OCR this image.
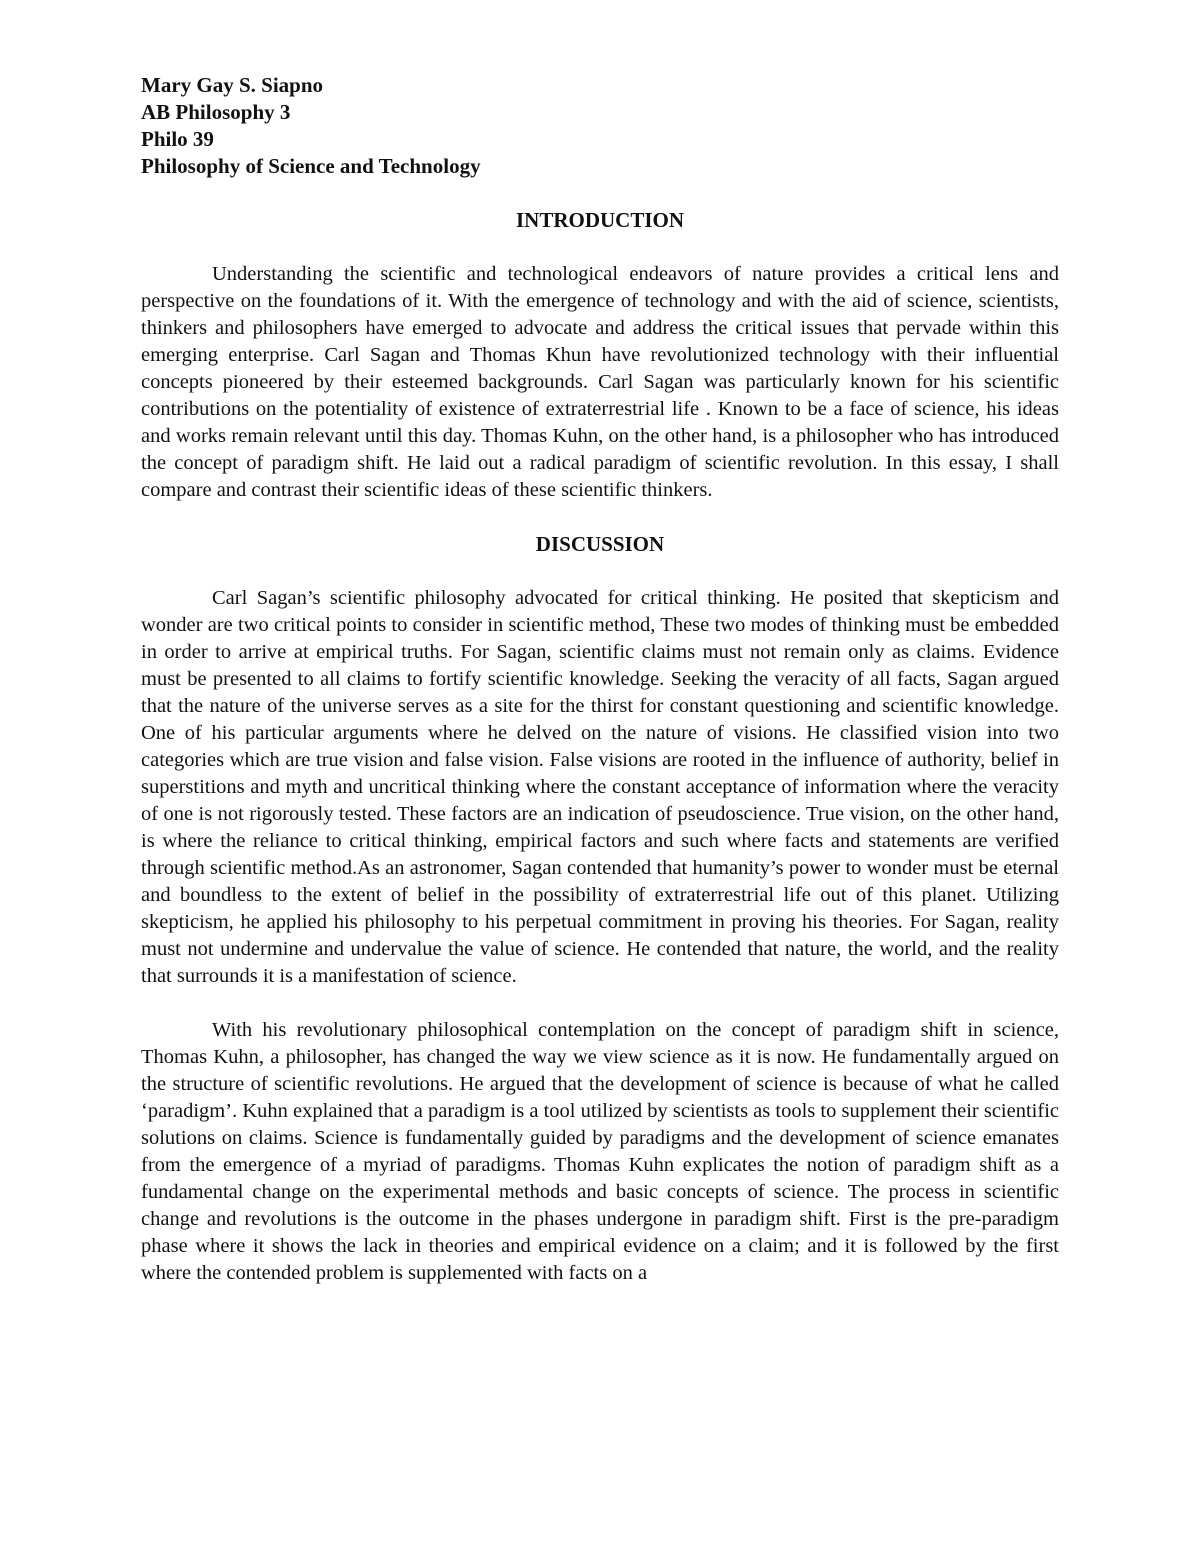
Mary Gay S. Siapno

AB Philosophy 3

Philo 39

Philosophy of Science and Technology

INTRODUCTION

Understanding the scientific and technological endeavors of nature provides a critical lens and perspective on the foundations of it. With the emergence of technology and with the aid of science, scientists, thinkers and philosophers have emerged to advocate and address the critical issues that pervade within this emerging enterprise. Carl Sagan and Thomas Khun have revolutionized technology with their influential concepts pioneered by their esteemed backgrounds. Carl Sagan was particularly known for his scientific contributions on the potentiality of existence of extraterrestrial life . Known to be a face of science, his ideas and works remain relevant until this day. Thomas Kuhn, on the other hand, is a philosopher who has introduced the concept of paradigm shift. He laid out a radical paradigm of scientific revolution. In this essay, I shall compare and contrast their scientific ideas of these scientific thinkers.

DISCUSSION

Carl Sagan’s scientific philosophy advocated for critical thinking. He posited that skepticism and wonder are two critical points to consider in scientific method, These two modes of thinking must be embedded in order to arrive at empirical truths. For Sagan, scientific claims must not remain only as claims. Evidence must be presented to all claims to fortify scientific knowledge. Seeking the veracity of all facts, Sagan argued that the nature of the universe serves as a site for the thirst for constant questioning and scientific knowledge. One of his particular arguments where he delved on the nature of visions. He classified vision into two categories which are true vision and false vision. False visions are rooted in the influence of authority, belief in superstitions and myth and uncritical thinking where the constant acceptance of information where the veracity of one is not rigorously tested. These factors are an indication of pseudoscience. True vision, on the other hand, is where the reliance to critical thinking, empirical factors and such where facts and statements are verified through scientific method.As an astronomer, Sagan contended that humanity’s power to wonder must be eternal and boundless to the extent of belief in the possibility of extraterrestrial life out of this planet. Utilizing skepticism, he applied his philosophy to his perpetual commitment in proving his theories. For Sagan, reality must not undermine and undervalue the value of science. He contended that nature, the world, and the reality that surrounds it is a manifestation of science.

With his revolutionary philosophical contemplation on the concept of paradigm shift in science, Thomas Kuhn, a philosopher, has changed the way we view science as it is now. He fundamentally argued on the structure of scientific revolutions. He argued that the development of science is because of what he called ‘paradigm’. Kuhn explained that a paradigm is a tool utilized by scientists as tools to supplement their scientific solutions on claims. Science is fundamentally guided by paradigms and the development of science emanates from the emergence of a myriad of paradigms. Thomas Kuhn explicates the notion of paradigm shift as a fundamental change on the experimental methods and basic concepts of science. The process in scientific change and revolutions is the outcome in the phases undergone in paradigm shift. First is the pre-paradigm phase where it shows the lack in theories and empirical evidence on a claim; and it is followed by the first where the contended problem is supplemented with facts on a
